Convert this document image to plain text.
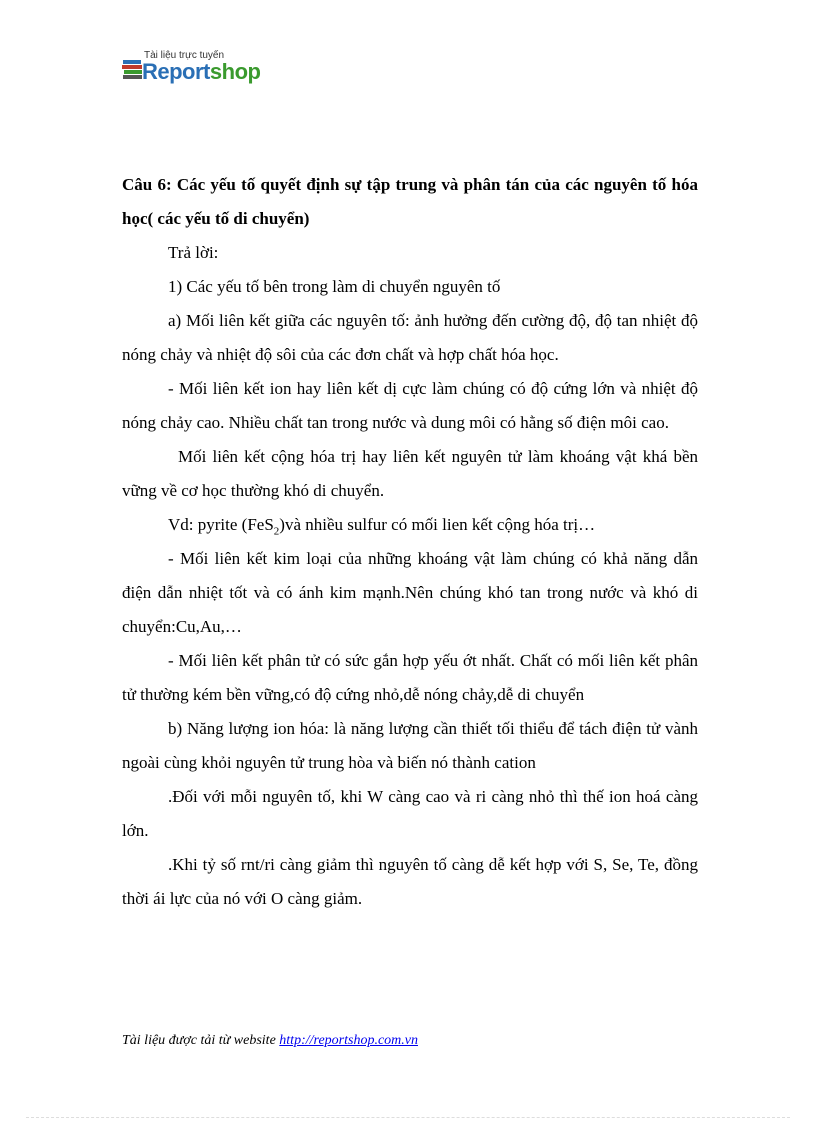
Tài liệu trực tuyến
Reportshop

Câu 6: Các yếu tố quyết định sự tập trung và phân tán của các nguyên tố hóa học( các yếu tố di chuyển)

Trả lời:

1) Các yếu tố bên trong làm di chuyển nguyên tố

a) Mối liên kết giữa các nguyên tố: ảnh hưởng đến cường độ, độ tan nhiệt độ nóng chảy và nhiệt độ sôi của các đơn chất và hợp chất hóa học.

- Mối liên kết ion hay liên kết dị cực làm chúng có độ cứng lớn và nhiệt độ nóng chảy cao. Nhiều chất tan trong nước và dung môi có hằng số điện môi cao.

Mối liên kết cộng hóa trị hay liên kết nguyên tử làm khoáng vật khá bền vững về cơ học thường khó di chuyển.

Vd: pyrite (FeS$_2$)và nhiều sulfur có mối lien kết cộng hóa trị…

- Mối liên kết kim loại của những khoáng vật làm chúng có khả năng dẫn điện dẫn nhiệt tốt và có ánh kim mạnh.Nên chúng khó tan trong nước và khó di chuyển:Cu,Au,…

- Mối liên kết phân tử có sức gắn hợp yếu ớt nhất. Chất có mối liên kết phân tử thường kém bền vững,có độ cứng nhỏ,dễ nóng chảy,dễ di chuyển

b) Năng lượng ion hóa: là năng lượng cần thiết tối thiểu để tách điện tử vành ngoài cùng khỏi nguyên tử trung hòa và biến nó thành cation

.Đối với mỗi nguyên tố, khi W càng cao và ri càng nhỏ thì thế ion hoá càng lớn.

.Khi tỷ số rnt/ri càng giảm thì nguyên tố càng dễ kết hợp với S, Se, Te, đồng thời ái lực của nó với O càng giảm.

Tài liệu được tải từ website http://reportshop.com.vn
